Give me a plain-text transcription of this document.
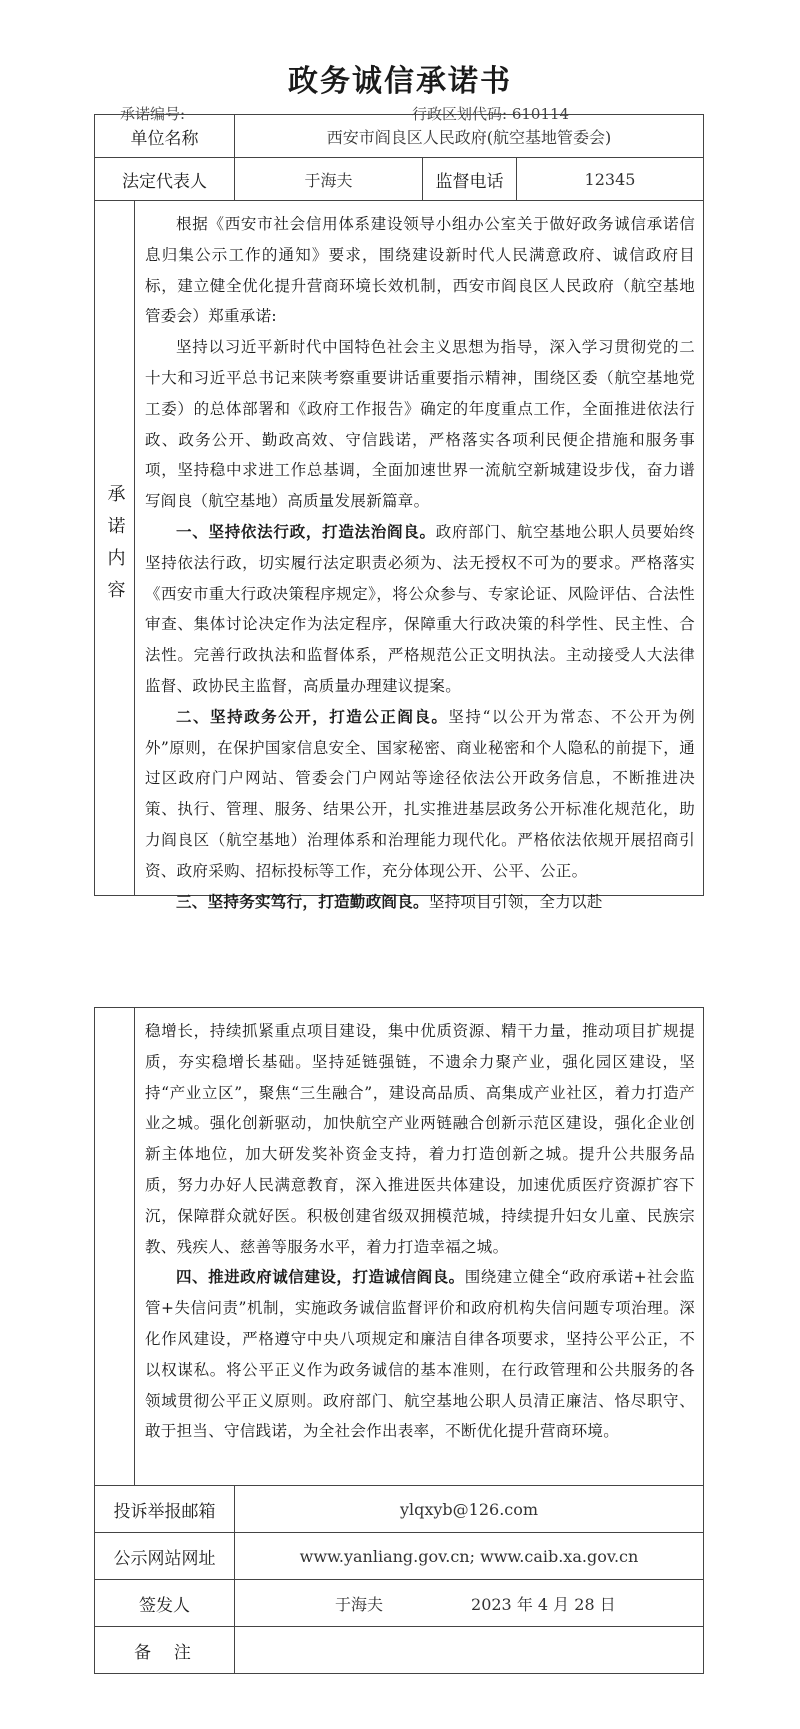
政务诚信承诺书
承诺编号:	行政区划代码: 610114
单位名称	西安市阎良区人民政府(航空基地管委会)
法定代表人	于海夫	监督电话	12345
承诺内容

根据《西安市社会信用体系建设领导小组办公室关于做好政务诚信承诺信息归集公示工作的通知》要求，围绕建设新时代人民满意政府、诚信政府目标，建立健全优化提升营商环境长效机制，西安市阎良区人民政府（航空基地管委会）郑重承诺:

坚持以习近平新时代中国特色社会主义思想为指导，深入学习贯彻党的二十大和习近平总书记来陕考察重要讲话重要指示精神，围绕区委（航空基地党工委）的总体部署和《政府工作报告》确定的年度重点工作，全面推进依法行政、政务公开、勤政高效、守信践诺，严格落实各项利民便企措施和服务事项，坚持稳中求进工作总基调，全面加速世界一流航空新城建设步伐，奋力谱写阎良（航空基地）高质量发展新篇章。

一、坚持依法行政，打造法治阎良。政府部门、航空基地公职人员要始终坚持依法行政，切实履行法定职责必须为、法无授权不可为的要求。严格落实《西安市重大行政决策程序规定》，将公众参与、专家论证、风险评估、合法性审查、集体讨论决定作为法定程序，保障重大行政决策的科学性、民主性、合法性。完善行政执法和监督体系，严格规范公正文明执法。主动接受人大法律监督、政协民主监督，高质量办理建议提案。

二、坚持政务公开，打造公正阎良。坚持“以公开为常态、不公开为例外”原则，在保护国家信息安全、国家秘密、商业秘密和个人隐私的前提下，通过区政府门户网站、管委会门户网站等途径依法公开政务信息，不断推进决策、执行、管理、服务、结果公开，扎实推进基层政务公开标准化规范化，助力阎良区（航空基地）治理体系和治理能力现代化。严格依法依规开展招商引资、政府采购、招标投标等工作，充分体现公开、公平、公正。

三、坚持务实笃行，打造勤政阎良。坚持项目引领，全力以赴

稳增长，持续抓紧重点项目建设，集中优质资源、精干力量，推动项目扩规提质，夯实稳增长基础。坚持延链强链，不遗余力聚产业，强化园区建设，坚持“产业立区”，聚焦“三生融合”，建设高品质、高集成产业社区，着力打造产业之城。强化创新驱动，加快航空产业两链融合创新示范区建设，强化企业创新主体地位，加大研发奖补资金支持，着力打造创新之城。提升公共服务品质，努力办好人民满意教育，深入推进医共体建设，加速优质医疗资源扩容下沉，保障群众就好医。积极创建省级双拥模范城，持续提升妇女儿童、民族宗教、残疾人、慈善等服务水平，着力打造幸福之城。

四、推进政府诚信建设，打造诚信阎良。围绕建立健全“政府承诺+社会监管+失信问责”机制，实施政务诚信监督评价和政府机构失信问题专项治理。深化作风建设，严格遵守中央八项规定和廉洁自律各项要求，坚持公平公正，不以权谋私。将公平正义作为政务诚信的基本准则，在行政管理和公共服务的各领域贯彻公平正义原则。政府部门、航空基地公职人员清正廉洁、恪尽职守、敢于担当、守信践诺，为全社会作出表率，不断优化提升营商环境。

投诉举报邮箱	ylqxyb@126.com
公示网站网址	www.yanliang.gov.cn; www.caib.xa.gov.cn
签发人	于海夫	2023 年 4 月 28 日
备  注
